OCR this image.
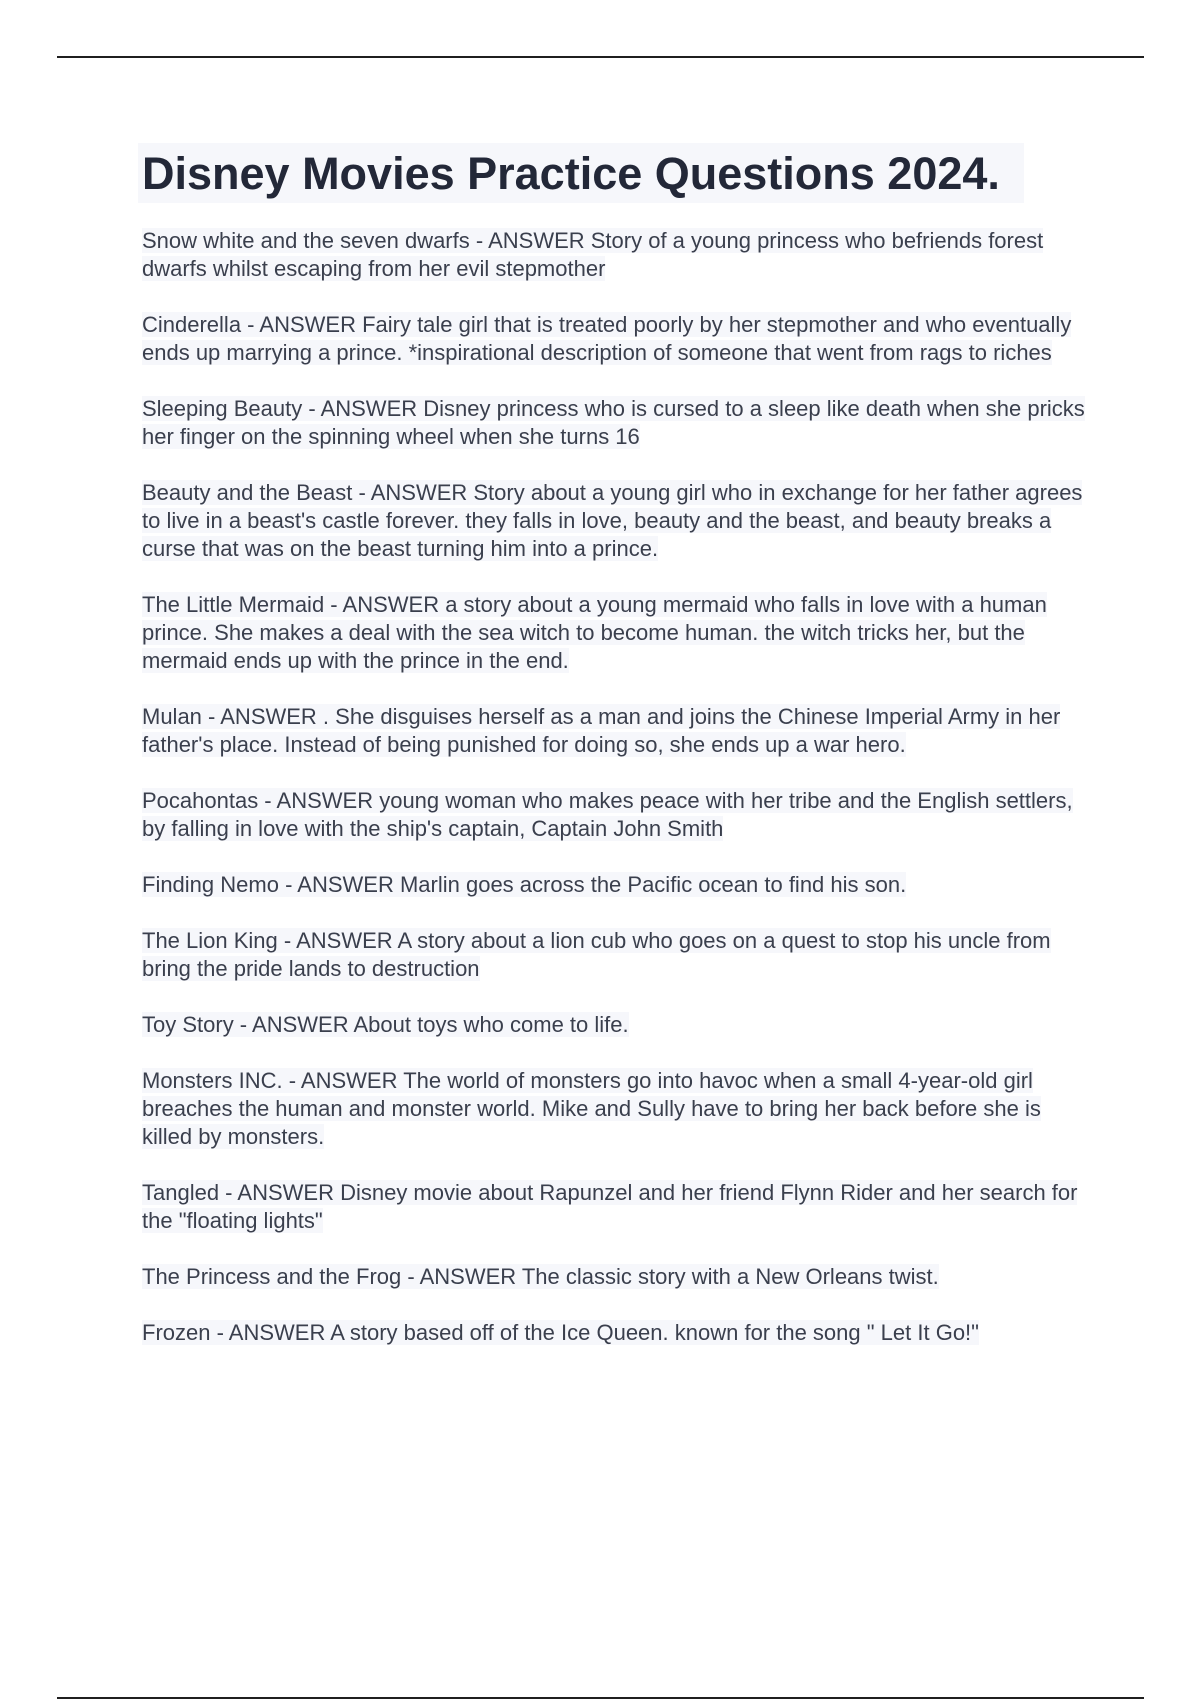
Disney Movies Practice Questions 2024.
Snow white and the seven dwarfs - ANSWER Story of a young princess who befriends forest dwarfs whilst escaping from her evil stepmother
Cinderella - ANSWER Fairy tale girl that is treated poorly by her stepmother and who eventually ends up marrying a prince. *inspirational description of someone that went from rags to riches
Sleeping Beauty - ANSWER Disney princess who is cursed to a sleep like death when she pricks her finger on the spinning wheel when she turns 16
Beauty and the Beast - ANSWER Story about a young girl who in exchange for her father agrees to live in a beast's castle forever. they falls in love, beauty and the beast, and beauty breaks a curse that was on the beast turning him into a prince.
The Little Mermaid - ANSWER a story about a young mermaid who falls in love with a human prince. She makes a deal with the sea witch to become human. the witch tricks her, but the mermaid ends up with the prince in the end.
Mulan - ANSWER . She disguises herself as a man and joins the Chinese Imperial Army in her father's place. Instead of being punished for doing so, she ends up a war hero.
Pocahontas - ANSWER young woman who makes peace with her tribe and the English settlers, by falling in love with the ship's captain, Captain John Smith
Finding Nemo - ANSWER Marlin goes across the Pacific ocean to find his son.
The Lion King - ANSWER A story about a lion cub who goes on a quest to stop his uncle from bring the pride lands to destruction
Toy Story - ANSWER About toys who come to life.
Monsters INC. - ANSWER The world of monsters go into havoc when a small 4-year-old girl breaches the human and monster world. Mike and Sully have to bring her back before she is killed by monsters.
Tangled - ANSWER Disney movie about Rapunzel and her friend Flynn Rider and her search for the "floating lights"
The Princess and the Frog - ANSWER The classic story with a New Orleans twist.
Frozen - ANSWER A story based off of the Ice Queen. known for the song " Let It Go!"
